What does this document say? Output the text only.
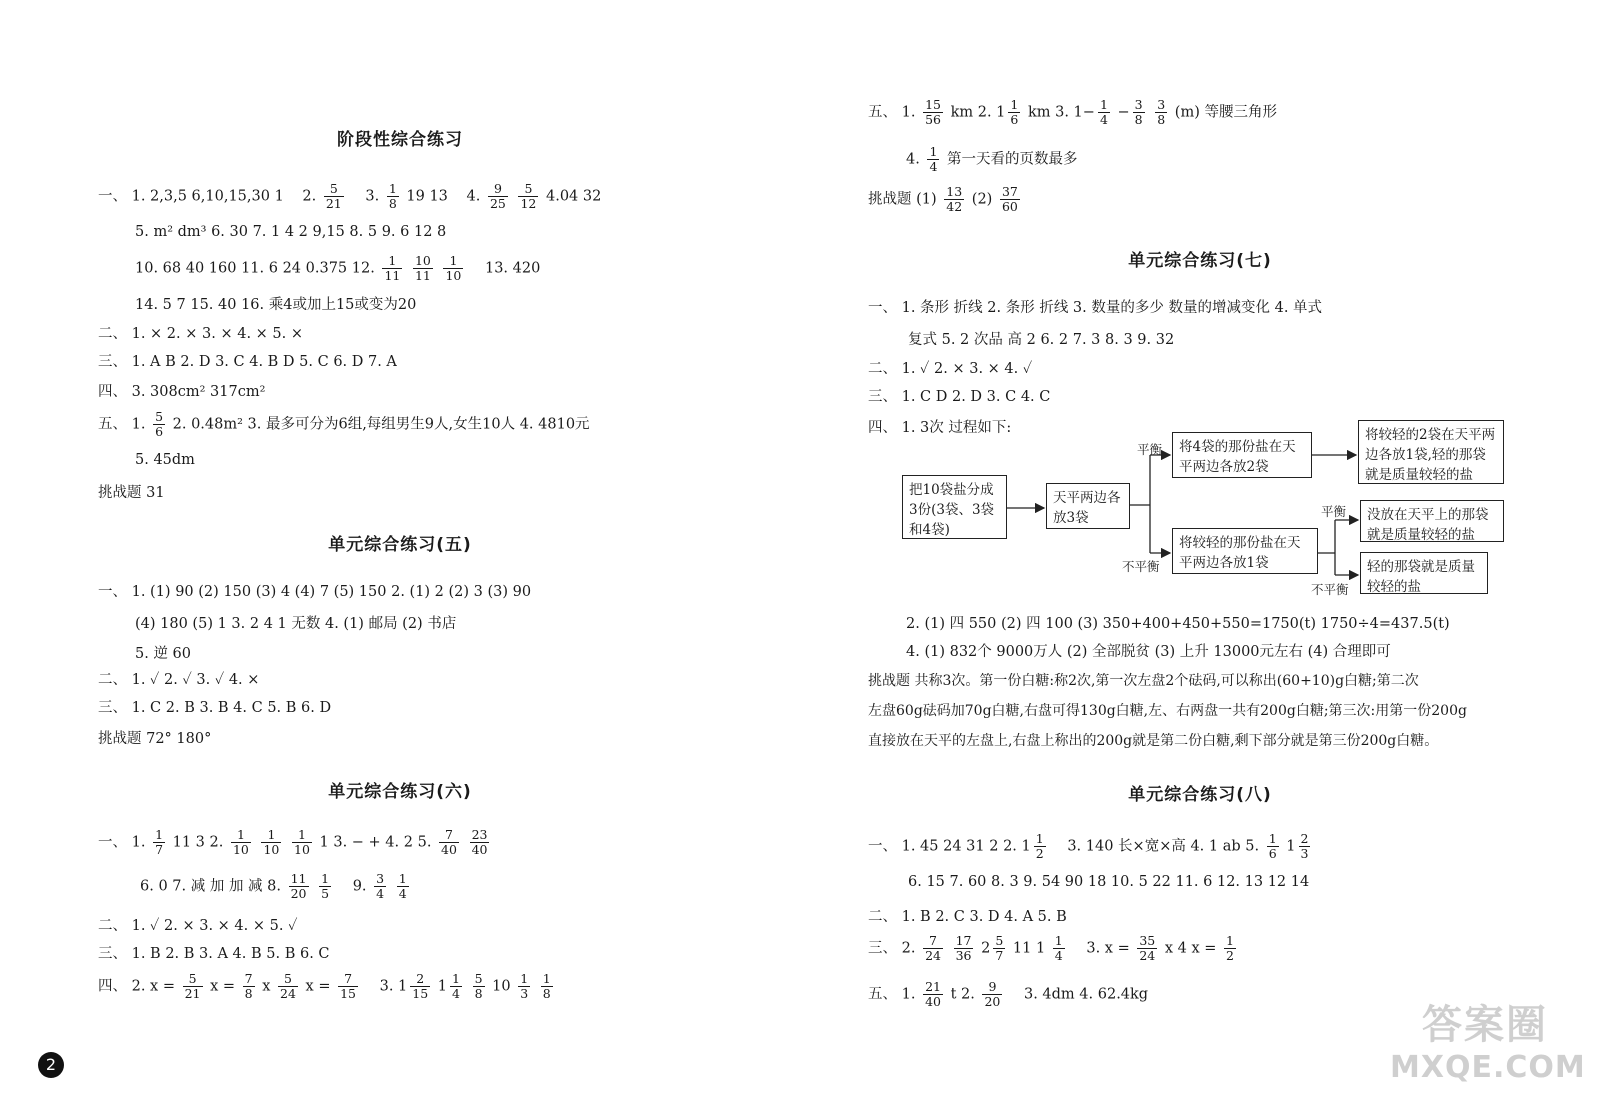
阶段性综合练习
一、 1. 2,3,5 6,10,15,30 1 2. $\frac{5}{21} 3$. $\frac{1}{8} 19$ 13 4. $\frac{9}{25}$
$\frac{5}{12} 4.04$ 32
5. m² dm³ 6. 30 7. 1 4 2 9,15 8. 5 9. 6 12 8
10. 68 40 160 11. 6 24 0.375 12. $\frac{1}{11}$
$\frac{10}{11}$
$\frac{1}{10} 13$. 420
14. 5 7 15. 40 16. 乘4或加上15或变为20
二、 1. × 2. × 3. × 4. × 5. ×
三、 1. A B 2. D 3. C 4. B D 5. C 6. D 7. A
四、 3. 308cm² 317cm²
五、 1. $\frac{5}{6} 2$. 0.48m² 3. 最多可分为6组,每组男生9人,女生10人 4. 4810元
5. 45dm
挑战题 31
单元综合练习(五)
一、 1. (1) 90 (2) 150 (3) 4 (4) 7 (5) 150 2. (1) 2 (2) 3 (3) 90
(4) 180 (5) 1 3. 2 4 1 无数 4. (1) 邮局 (2) 书店
5. 逆 60
二、 1. ✓ 2. ✓ 3. ✓ 4. ×
三、 1. C 2. B 3. B 4. C 5. B 6. D
挑战题 72° 180°
单元综合练习(六)
一、 1. $\frac{1}{7} 11$ 3 2. $\frac{1}{10}$
$\frac{1}{10}$
$\frac{1}{10} 1$ 3. − + 4. 2 5. $\frac{7}{40}$
$\frac{23}{40}$
6. 0 7. 减 加 加 减 8. $\frac{11}{20}$
$\frac{1}{5} 9$. $\frac{3}{4}$
$\frac{1}{4}$
二、 1. ✓ 2. × 3. × 4. × 5. ✓
三、 1. B 2. B 3. A 4. B 5. B 6. C
四、 2. $x = \frac{5}{21}$ $x = \frac{7}{8}$ x $\frac{5}{24}$ $x = \frac{7}{15} 3$. $1 \frac{2}{15} 1 \frac{1}{4}$
$\frac{5}{8} 10 \frac{1}{3}$
$\frac{1}{8}$
2
五、 1. $\frac{15}{56}$ km 2. $1 \frac{1}{6}$ km 3. $1- \frac{1}{4} - \frac{3}{8}$
$\frac{3}{8} (m)$ 等腰三角形
4. $\frac{1}{4}$ 第一天看的页数最多
挑战题 $(1) \frac{13}{42} (2) \frac{37}{60}$
单元综合练习(七)
一、 1. 条形 折线 2. 条形 折线 3. 数量的多少 数量的增减变化 4. 单式
复式 5. 2 次品 高 2 6. 2 7. 3 8. 3 9. 32
二、 1. ✓ 2. × 3. × 4. ✓
三、 1. C D 2. D 3. C 4. C
四、 1. 3次 过程如下:
把10袋盐分成3份(3袋、3袋和4袋)
天平两边各放3袋
将4袋的那份盐在天平两边各放2袋
将较轻的2袋在天平两边各放1袋,轻的那袋就是质量较轻的盐
将较轻的那份盐在天平两边各放1袋
没放在天平上的那袋就是质量较轻的盐
轻的那袋就是质量较轻的盐
平衡
不平衡
平衡
不平衡
2. (1) 四 550 (2) 四 100 (3) 350+400+450+550=1750(t) 1750÷4=437.5(t)
4. (1) 832个 9000万人 (2) 全部脱贫 (3) 上升 13000元左右 (4) 合理即可
挑战题 共称3次。第一份白糖:称2次,第一次左盘2个砝码,可以称出(60+10)g白糖;第二次
左盘60g砝码加70g白糖,右盘可得130g白糖,左、右两盘一共有200g白糖;第三次:用第一份200g
直接放在天平的左盘上,右盘上称出的200g就是第二份白糖,剩下部分就是第三份200g白糖。
单元综合练习(八)
一、 1. 45 24 31 2 2. $1 \frac{1}{2} 3$. 140 长×宽×高 4. 1 ab 5. $\frac{1}{6} 1 \frac{2}{3}$
6. 15 7. 60 8. 3 9. 54 90 18 10. 5 22 11. 6 12. 13 12 14
二、 1. B 2. C 3. D 4. A 5. B
三、 2. $\frac{7}{24}$
$\frac{17}{36} 2 \frac{5}{7} 11$ $1 \frac{1}{4} 3$. $x = \frac{35}{24}$ x 4 $x = \frac{1}{2}$
五、 1. $\frac{21}{40}$ t 2. $\frac{9}{20} 3$. 4dm 4. 62.4kg
答案圈
MXQE.COM
